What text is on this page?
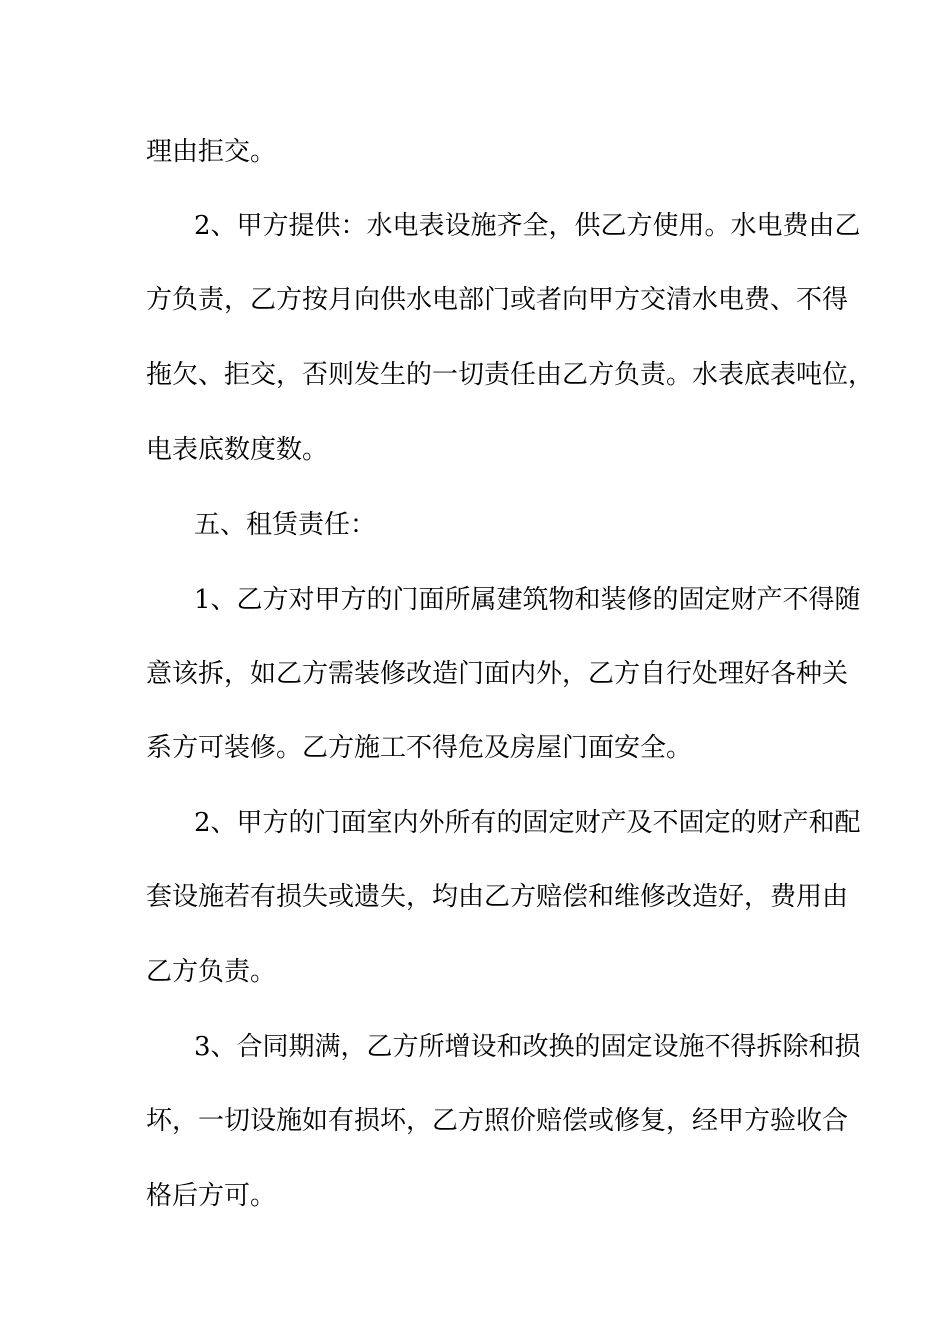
理由拒交。
2、甲方提供：水电表设施齐全，供乙方使用。水电费由乙
方负责，乙方按月向供水电部门或者向甲方交清水电费、不得
拖欠、拒交，否则发生的一切责任由乙方负责。水表底表吨位，
电表底数度数。
五、租赁责任：
1、乙方对甲方的门面所属建筑物和装修的固定财产不得随
意该拆，如乙方需装修改造门面内外，乙方自行处理好各种关
系方可装修。乙方施工不得危及房屋门面安全。
2、甲方的门面室内外所有的固定财产及不固定的财产和配
套设施若有损失或遗失，均由乙方赔偿和维修改造好，费用由
乙方负责。
3、合同期满，乙方所增设和改换的固定设施不得拆除和损
坏，一切设施如有损坏，乙方照价赔偿或修复，经甲方验收合
格后方可。
